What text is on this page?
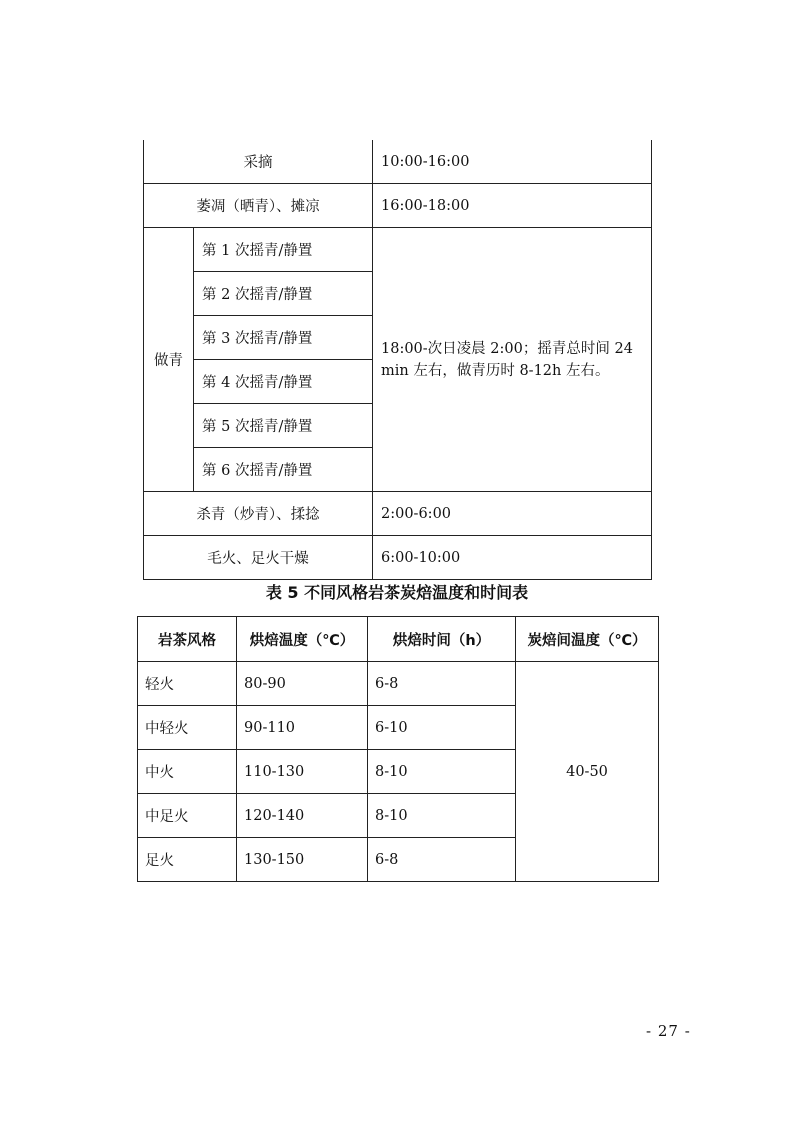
采摘		10:00-16:00
萎凋（晒青）、摊凉		16:00-18:00
做青	第 1 次摇青/静置	18:00-次日凌晨 2:00；摇青总时间 24 min 左右，做青历时 8-12h 左右。
	第 2 次摇青/静置	
	第 3 次摇青/静置	
	第 4 次摇青/静置	
	第 5 次摇青/静置	
	第 6 次摇青/静置	
杀青（炒青）、揉捻		2:00-6:00
毛火、足火干燥		6:00-10:00
表 5 不同风格岩茶炭焙温度和时间表
岩茶风格	烘焙温度（℃）	烘焙时间（h）	炭焙间温度（℃）
轻火	80-90	6-8	40-50
中轻火	90-110	6-10	
中火	110-130	8-10	
中足火	120-140	8-10	
足火	130-150	6-8	
- 27 -
